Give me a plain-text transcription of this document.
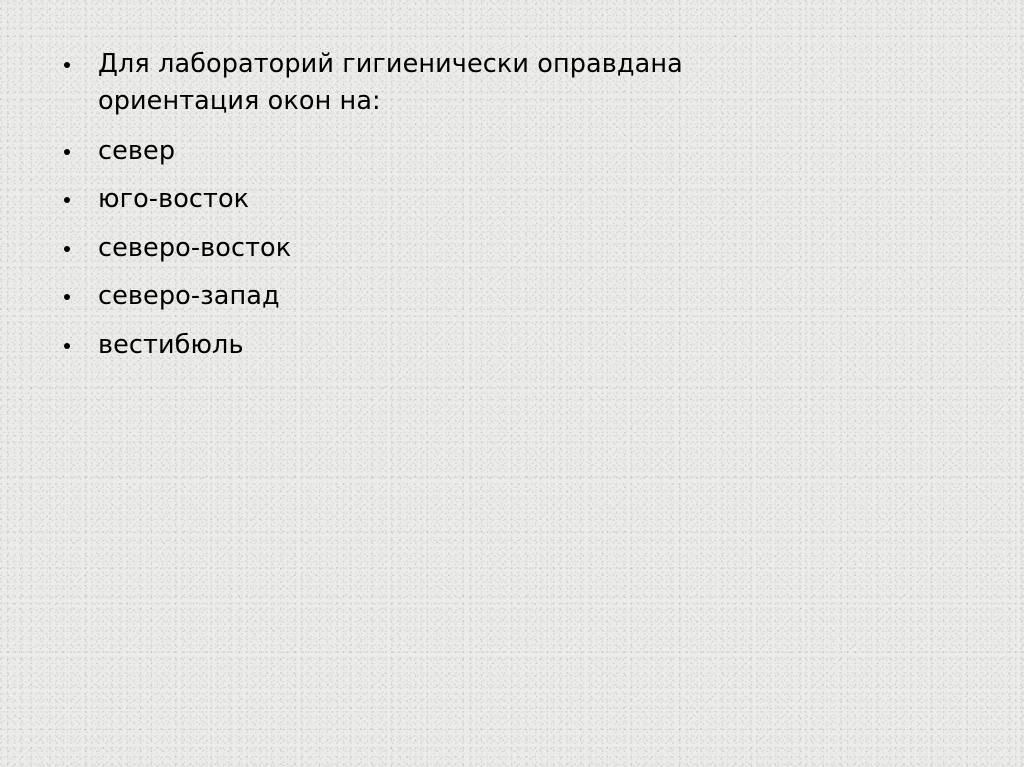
Для лабораторий гигиенически оправдана ориентация окон на:
север
юго-восток
северо-восток
северо-запад
вестибюль
